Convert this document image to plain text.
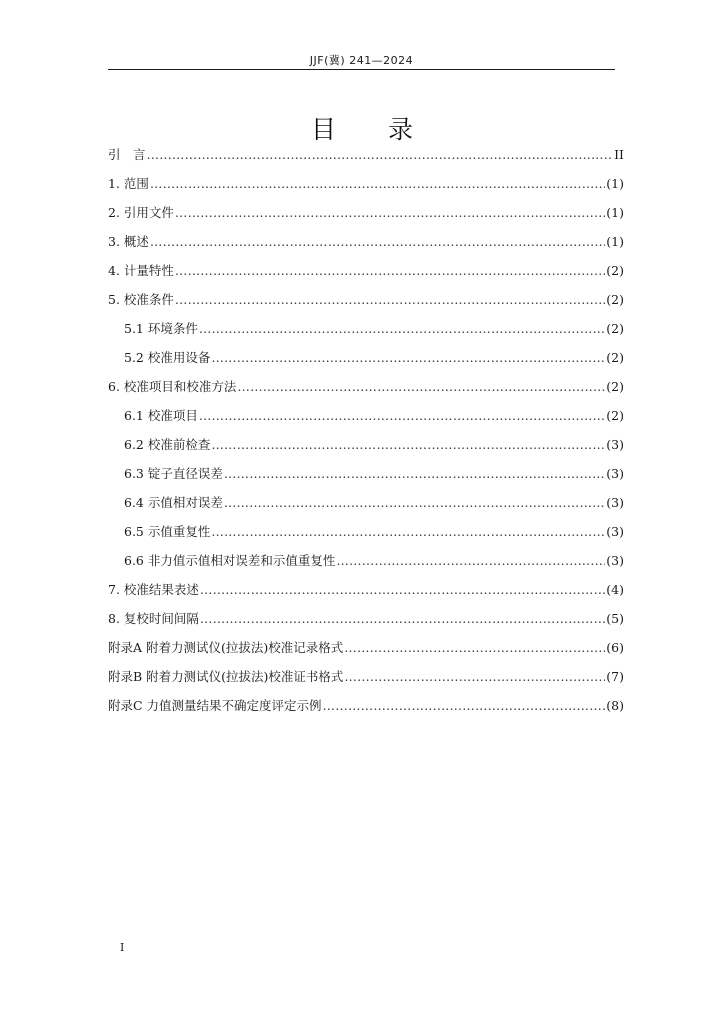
JJF(冀) 241—2024
目 录
引　言 ………………………………………………………………………………………………………………………………………………………………………………………………………………	II
1. 范围 ………………………………………………………………………………………………………………………………………………………………………………………………………………	(1)
2. 引用文件 ………………………………………………………………………………………………………………………………………………………………………………………………………………	(1)
3. 概述 ………………………………………………………………………………………………………………………………………………………………………………………………………………	(1)
4. 计量特性 ………………………………………………………………………………………………………………………………………………………………………………………………………………	(2)
5. 校准条件 ………………………………………………………………………………………………………………………………………………………………………………………………………………	(2)
5.1 环境条件 ………………………………………………………………………………………………………………………………………………………………………………………………………………	(2)
5.2 校准用设备 ………………………………………………………………………………………………………………………………………………………………………………………………………………	(2)
6. 校准项目和校准方法 ………………………………………………………………………………………………………………………………………………………………………………………………………………	(2)
6.1 校准项目 ………………………………………………………………………………………………………………………………………………………………………………………………………………	(2)
6.2 校准前检查 ………………………………………………………………………………………………………………………………………………………………………………………………………………	(3)
6.3 锭子直径误差 ………………………………………………………………………………………………………………………………………………………………………………………………………………	(3)
6.4 示值相对误差 ………………………………………………………………………………………………………………………………………………………………………………………………………………	(3)
6.5 示值重复性 ………………………………………………………………………………………………………………………………………………………………………………………………………………	(3)
6.6 非力值示值相对误差和示值重复性 ………………………………………………………………………………………………………………………………………………………………………………………………………………	(3)
7. 校准结果表述 ………………………………………………………………………………………………………………………………………………………………………………………………………………	(4)
8. 复校时间间隔 ………………………………………………………………………………………………………………………………………………………………………………………………………………	(5)
附录A 附着力测试仪(拉拔法)校准记录格式 ………………………………………………………………………………………………………………………………………………………………………………………………………………	(6)
附录B 附着力测试仪(拉拔法)校准证书格式 ………………………………………………………………………………………………………………………………………………………………………………………………………………	(7)
附录C 力值测量结果不确定度评定示例 ………………………………………………………………………………………………………………………………………………………………………………………………………………	(8)
I
